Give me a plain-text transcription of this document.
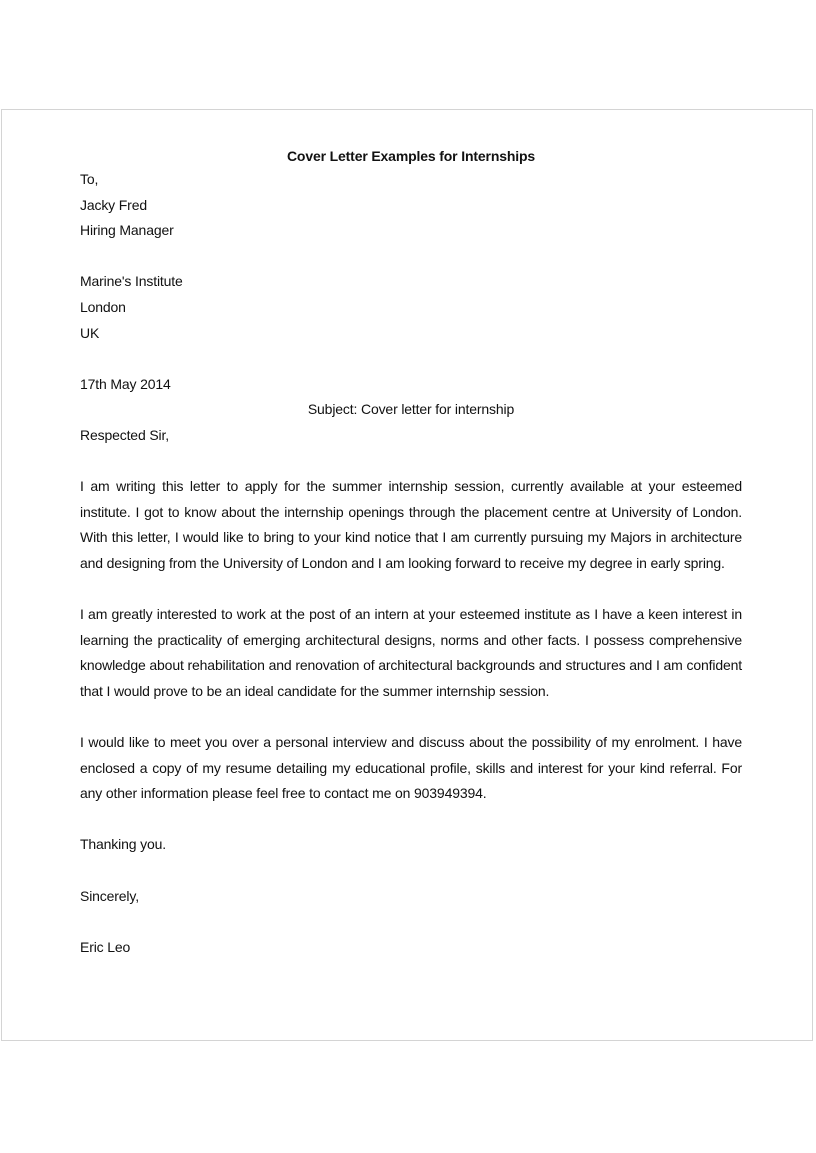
Cover Letter Examples for Internships

To,
Jacky Fred
Hiring Manager
Marine's Institute
London
UK
17th May 2014

Subject: Cover letter for internship

Respected Sir,

I am writing this letter to apply for the summer internship session, currently available at your esteemed institute. I got to know about the internship openings through the placement centre at University of London. With this letter, I would like to bring to your kind notice that I am currently pursuing my Majors in architecture and designing from the University of London and I am looking forward to receive my degree in early spring.

I am greatly interested to work at the post of an intern at your esteemed institute as I have a keen interest in learning the practicality of emerging architectural designs, norms and other facts. I possess comprehensive knowledge about rehabilitation and renovation of architectural backgrounds and structures and I am confident that I would prove to be an ideal candidate for the summer internship session.

I would like to meet you over a personal interview and discuss about the possibility of my enrolment. I have enclosed a copy of my resume detailing my educational profile, skills and interest for your kind referral. For any other information please feel free to contact me on 903949394.

Thanking you.
Sincerely,
Eric Leo
